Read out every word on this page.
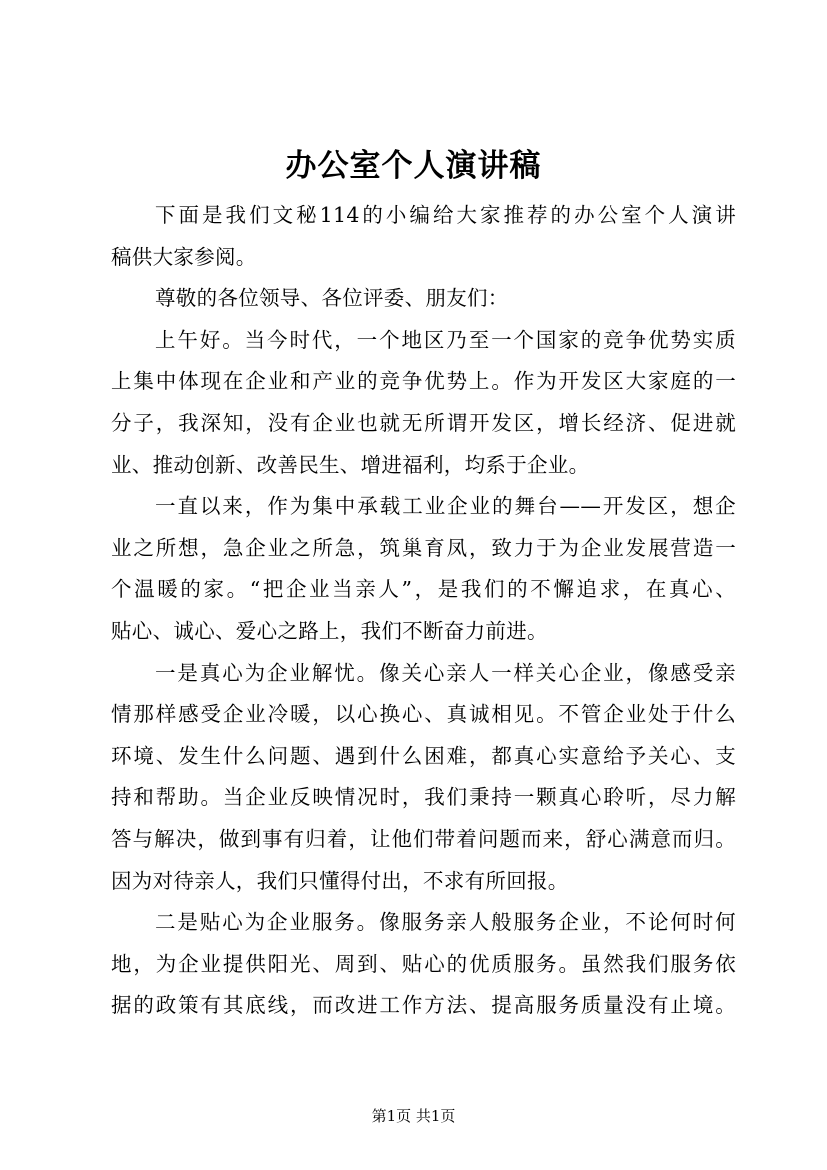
办公室个人演讲稿
下面是我们文秘114的小编给大家推荐的办公室个人演讲
稿供大家参阅。
尊敬的各位领导、各位评委、朋友们：
上午好。当今时代，一个地区乃至一个国家的竞争优势实质
上集中体现在企业和产业的竞争优势上。作为开发区大家庭的一
分子，我深知，没有企业也就无所谓开发区，增长经济、促进就
业、推动创新、改善民生、增进福利，均系于企业。
一直以来，作为集中承载工业企业的舞台——开发区，想企
业之所想，急企业之所急，筑巢育凤，致力于为企业发展营造一
个温暖的家。“把企业当亲人”，是我们的不懈追求，在真心、
贴心、诚心、爱心之路上，我们不断奋力前进。
一是真心为企业解忧。像关心亲人一样关心企业，像感受亲
情那样感受企业冷暖，以心换心、真诚相见。不管企业处于什么
环境、发生什么问题、遇到什么困难，都真心实意给予关心、支
持和帮助。当企业反映情况时，我们秉持一颗真心聆听，尽力解
答与解决，做到事有归着，让他们带着问题而来，舒心满意而归。
因为对待亲人，我们只懂得付出，不求有所回报。
二是贴心为企业服务。像服务亲人般服务企业，不论何时何
地，为企业提供阳光、周到、贴心的优质服务。虽然我们服务依
据的政策有其底线，而改进工作方法、提高服务质量没有止境。
第1页 共1页
